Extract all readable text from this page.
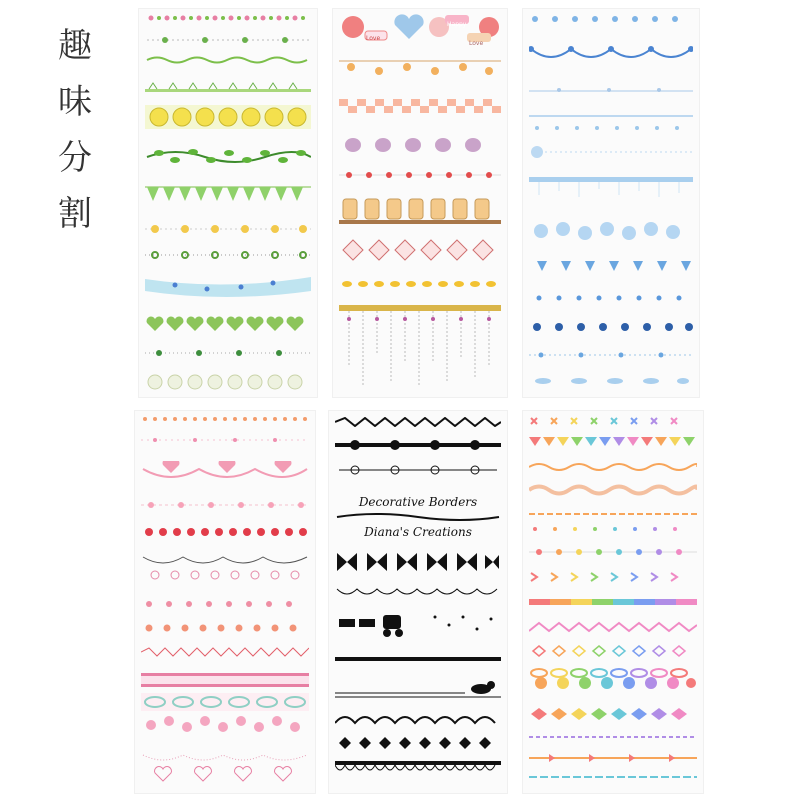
趣
味
分
割
Love
Happy
Love
Decorative Borders
Diana's Creations
